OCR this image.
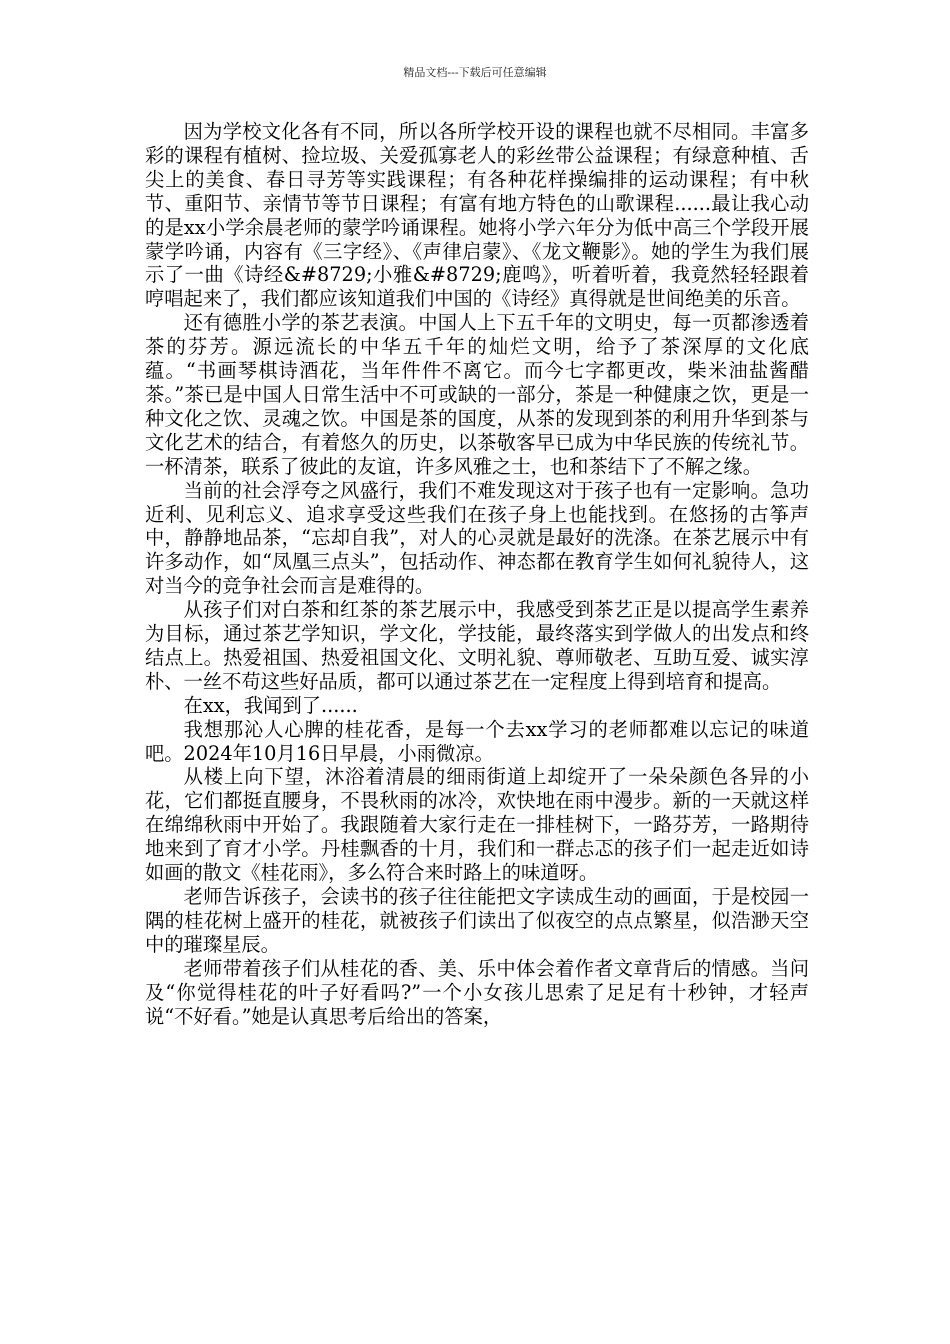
精品文档---下载后可任意编辑

因为学校文化各有不同，所以各所学校开设的课程也就不尽相同。丰富多彩的课程有植树、捡垃圾、关爱孤寡老人的彩丝带公益课程；有绿意种植、舌尖上的美食、春日寻芳等实践课程；有各种花样操编排的运动课程；有中秋节、重阳节、亲情节等节日课程；有富有地方特色的山歌课程......最让我心动的是xx小学余晨老师的蒙学吟诵课程。她将小学六年分为低中高三个学段开展蒙学吟诵，内容有《三字经》、《声律启蒙》、《龙文鞭影》。她的学生为我们展示了一曲《诗经&#8729;小雅&#8729;鹿鸣》，听着听着，我竟然轻轻跟着哼唱起来了，我们都应该知道我们中国的《诗经》真得就是世间绝美的乐音。

还有德胜小学的茶艺表演。中国人上下五千年的文明史，每一页都渗透着茶的芬芳。源远流长的中华五千年的灿烂文明，给予了茶深厚的文化底蕴。“书画琴棋诗酒花，当年件件不离它。而今七字都更改，柴米油盐酱醋茶。”茶已是中国人日常生活中不可或缺的一部分，茶是一种健康之饮，更是一种文化之饮、灵魂之饮。中国是茶的国度，从茶的发现到茶的利用升华到茶与文化艺术的结合，有着悠久的历史，以茶敬客早已成为中华民族的传统礼节。一杯清茶，联系了彼此的友谊，许多风雅之士，也和茶结下了不解之缘。

当前的社会浮夸之风盛行，我们不难发现这对于孩子也有一定影响。急功近利、见利忘义、追求享受这些我们在孩子身上也能找到。在悠扬的古筝声中，静静地品茶，“忘却自我”，对人的心灵就是最好的洗涤。在茶艺展示中有许多动作，如“凤凰三点头”，包括动作、神态都在教育学生如何礼貌待人，这对当今的竞争社会而言是难得的。

从孩子们对白茶和红茶的茶艺展示中，我感受到茶艺正是以提高学生素养为目标，通过茶艺学知识，学文化，学技能，最终落实到学做人的出发点和终结点上。热爱祖国、热爱祖国文化、文明礼貌、尊师敬老、互助互爱、诚实淳朴、一丝不苟这些好品质，都可以通过茶艺在一定程度上得到培育和提高。

在xx，我闻到了......

我想那沁人心脾的桂花香，是每一个去xx学习的老师都难以忘记的味道吧。2024年10月16日早晨，小雨微凉。

从楼上向下望，沐浴着清晨的细雨街道上却绽开了一朵朵颜色各异的小花，它们都挺直腰身，不畏秋雨的冰冷，欢快地在雨中漫步。新的一天就这样在绵绵秋雨中开始了。我跟随着大家行走在一排桂树下，一路芬芳，一路期待地来到了育才小学。丹桂飘香的十月，我们和一群忐忑的孩子们一起走近如诗如画的散文《桂花雨》，多么符合来时路上的味道呀。

老师告诉孩子，会读书的孩子往往能把文字读成生动的画面，于是校园一隅的桂花树上盛开的桂花，就被孩子们读出了似夜空的点点繁星，似浩渺天空中的璀璨星辰。

老师带着孩子们从桂花的香、美、乐中体会着作者文章背后的情感。当问及“你觉得桂花的叶子好看吗?”一个小女孩儿思索了足足有十秒钟，才轻声说“不好看。”她是认真思考后给出的答案，
